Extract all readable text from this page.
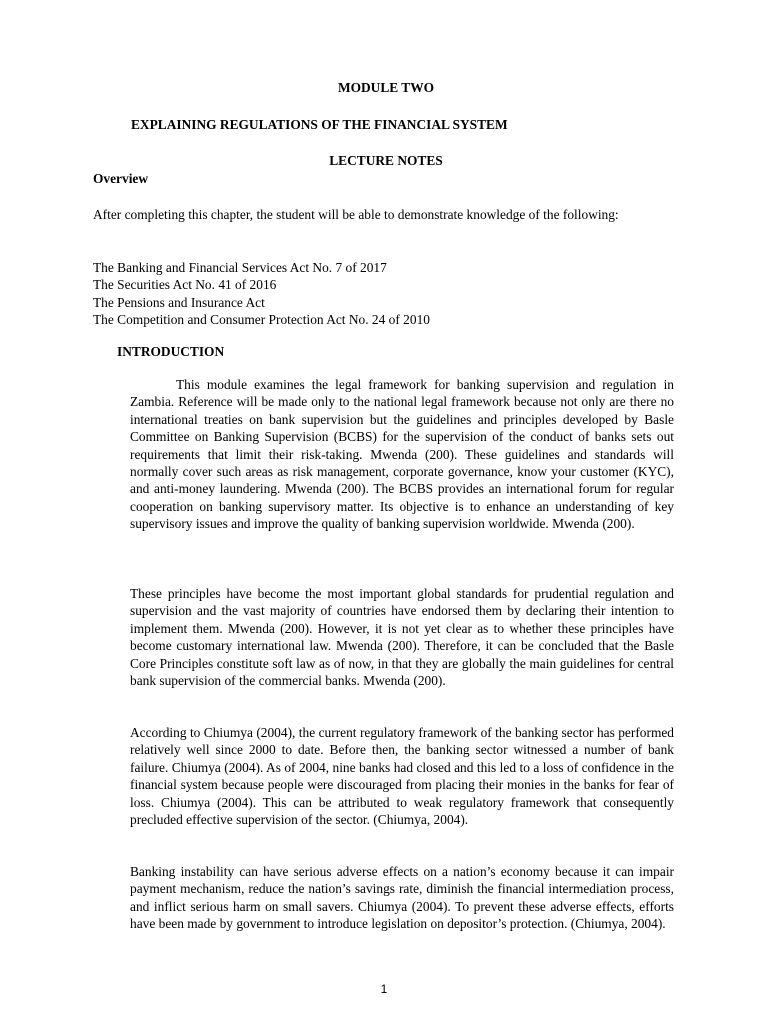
MODULE TWO
EXPLAINING REGULATIONS OF THE FINANCIAL SYSTEM
LECTURE NOTES
Overview

After completing this chapter, the student will be able to demonstrate knowledge of the following:

The Banking and Financial Services Act No. 7 of 2017
The Securities Act No. 41 of 2016
The Pensions and Insurance Act
The Competition and Consumer Protection Act No. 24 of 2010
INTRODUCTION

This module examines the legal framework for banking supervision and regulation in Zambia. Reference will be made only to the national legal framework because not only are there no international treaties on bank supervision but the guidelines and principles developed by Basle Committee on Banking Supervision (BCBS) for the supervision of the conduct of banks sets out requirements that limit their risk-taking. Mwenda (200). These guidelines and standards will normally cover such areas as risk management, corporate governance, know your customer (KYC), and anti-money laundering. Mwenda (200). The BCBS provides an international forum for regular cooperation on banking supervisory matter. Its objective is to enhance an understanding of key supervisory issues and improve the quality of banking supervision worldwide. Mwenda (200).

These principles have become the most important global standards for prudential regulation and supervision and the vast majority of countries have endorsed them by declaring their intention to implement them. Mwenda (200). However, it is not yet clear as to whether these principles have become customary international law. Mwenda (200). Therefore, it can be concluded that the Basle Core Principles constitute soft law as of now, in that they are globally the main guidelines for central bank supervision of the commercial banks. Mwenda (200).

According to Chiumya (2004), the current regulatory framework of the banking sector has performed relatively well since 2000 to date. Before then, the banking sector witnessed a number of bank failure. Chiumya (2004). As of 2004, nine banks had closed and this led to a loss of confidence in the financial system because people were discouraged from placing their monies in the banks for fear of loss. Chiumya (2004). This can be attributed to weak regulatory framework that consequently precluded effective supervision of the sector. (Chiumya, 2004).

Banking instability can have serious adverse effects on a nation’s economy because it can impair payment mechanism, reduce the nation’s savings rate, diminish the financial intermediation process, and inflict serious harm on small savers. Chiumya (2004). To prevent these adverse effects, efforts have been made by government to introduce legislation on depositor’s protection. (Chiumya, 2004).

1
